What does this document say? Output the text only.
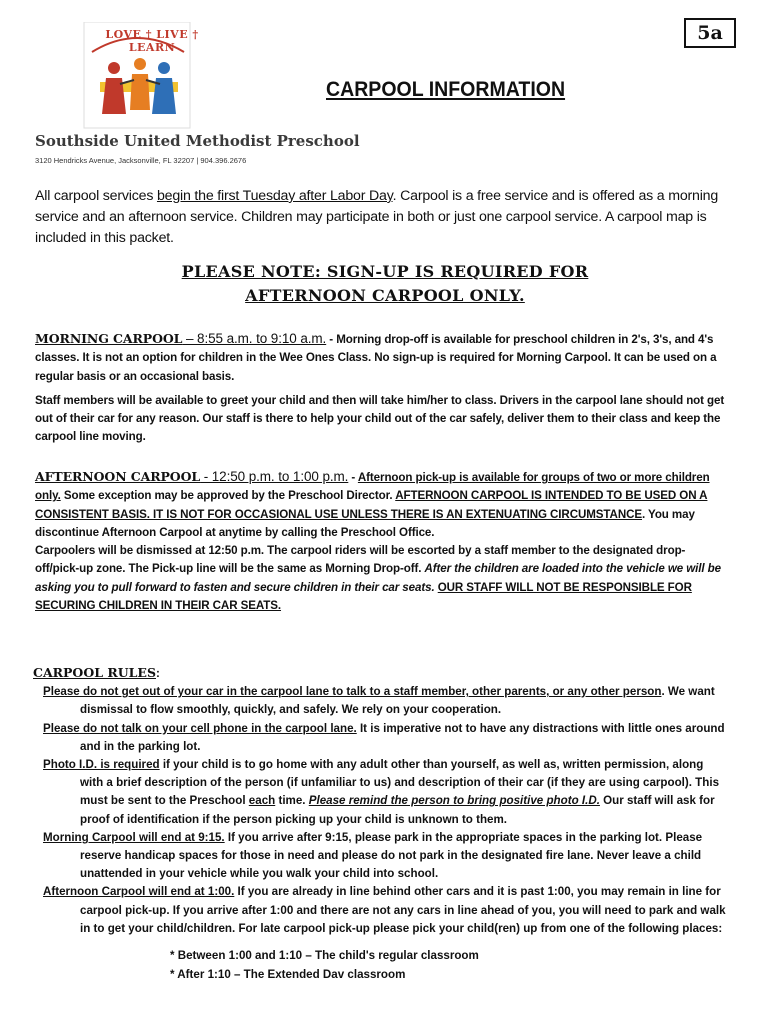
LOVE † LIVE † LEARN
Southside United Methodist Preschool
3120 Hendricks Avenue, Jacksonville, FL 32207 | 904.396.2676
5a
CARPOOL INFORMATION
All carpool services begin the first Tuesday after Labor Day. Carpool is a free service and is offered as a morning service and an afternoon service. Children may participate in both or just one carpool service. A carpool map is included in this packet.
PLEASE NOTE: SIGN-UP IS REQUIRED FOR
AFTERNOON CARPOOL ONLY.
MORNING CARPOOL – 8:55 a.m. to 9:10 a.m. - Morning drop-off is available for preschool children in 2's, 3's, and 4's classes. It is not an option for children in the Wee Ones Class. No sign-up is required for Morning Carpool. It can be used on a regular basis or an occasional basis.
Staff members will be available to greet your child and then will take him/her to class. Drivers in the carpool lane should not get out of their car for any reason. Our staff is there to help your child out of the car safely, deliver them to their class and keep the carpool line moving.
AFTERNOON CARPOOL - 12:50 p.m. to 1:00 p.m. - Afternoon pick-up is available for groups of two or more children only. Some exception may be approved by the Preschool Director. AFTERNOON CARPOOL IS INTENDED TO BE USED ON A CONSISTENT BASIS. IT IS NOT FOR OCCASIONAL USE UNLESS THERE IS AN EXTENUATING CIRCUMSTANCE. You may discontinue Afternoon Carpool at anytime by calling the Preschool Office.
Carpoolers will be dismissed at 12:50 p.m. The carpool riders will be escorted by a staff member to the designated drop-off/pick-up zone. The Pick-up line will be the same as Morning Drop-off. After the children are loaded into the vehicle we will be asking you to pull forward to fasten and secure children in their car seats. OUR STAFF WILL NOT BE RESPONSIBLE FOR SECURING CHILDREN IN THEIR CAR SEATS.
CARPOOL RULES:
Please do not get out of your car in the carpool lane to talk to a staff member, other parents, or any other person. We want dismissal to flow smoothly, quickly, and safely. We rely on your cooperation.
Please do not talk on your cell phone in the carpool lane. It is imperative not to have any distractions with little ones around and in the parking lot.
Photo I.D. is required if your child is to go home with any adult other than yourself, as well as, written permission, along with a brief description of the person (if unfamiliar to us) and description of their car (if they are using carpool). This must be sent to the Preschool each time. Please remind the person to bring positive photo I.D. Our staff will ask for proof of identification if the person picking up your child is unknown to them.
Morning Carpool will end at 9:15. If you arrive after 9:15, please park in the appropriate spaces in the parking lot. Please reserve handicap spaces for those in need and please do not park in the designated fire lane. Never leave a child unattended in your vehicle while you walk your child into school.
Afternoon Carpool will end at 1:00. If you are already in line behind other cars and it is past 1:00, you may remain in line for carpool pick-up. If you arrive after 1:00 and there are not any cars in line ahead of you, you will need to park and walk in to get your child/children. For late carpool pick-up please pick your child(ren) up from one of the following places:
* Between 1:00 and 1:10 – The child's regular classroom
* After 1:10 – The Extended Dav classroom
